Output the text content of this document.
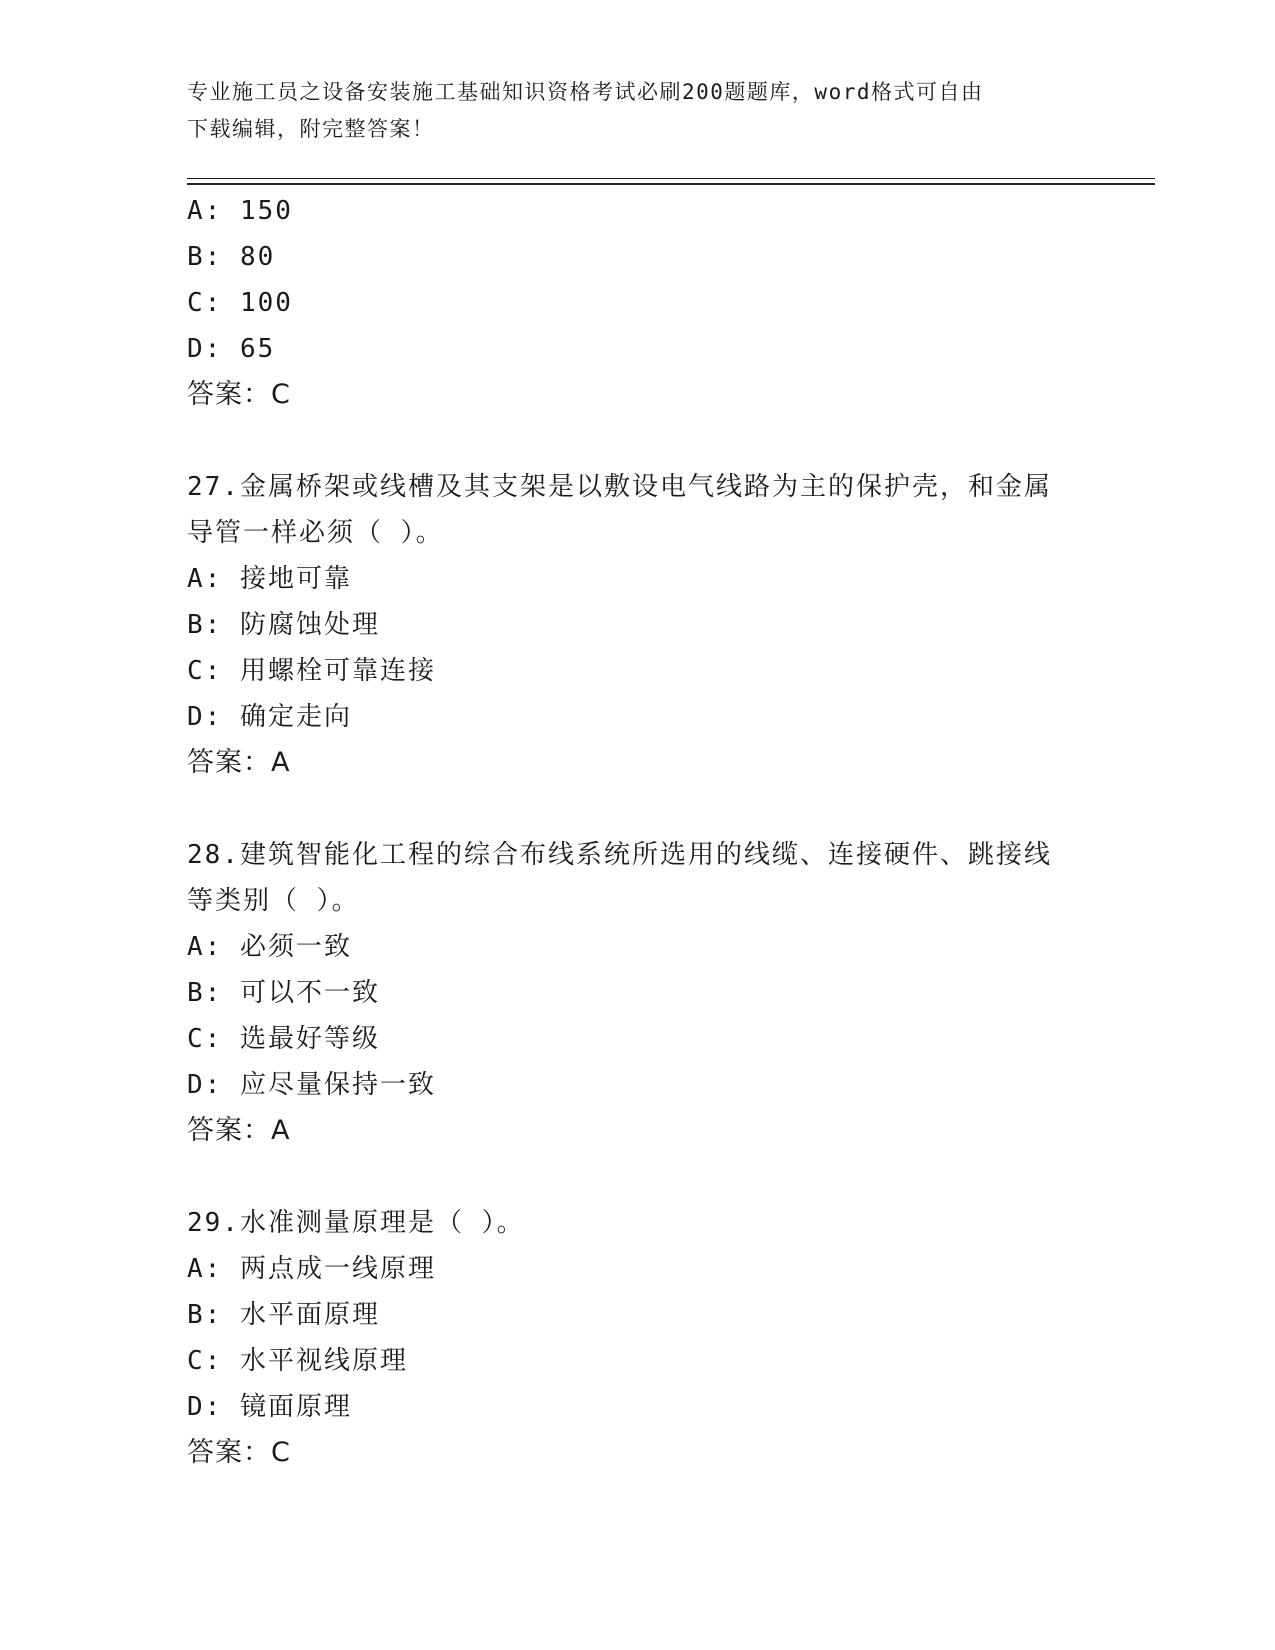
专业施工员之设备安装施工基础知识资格考试必刷200题题库，word格式可自由
下载编辑，附完整答案！
A: 150
B: 80
C: 100
D: 65
答案：C
27.金属桥架或线槽及其支架是以敷设电气线路为主的保护壳，和金属
导管一样必须（ ）。
A: 接地可靠
B: 防腐蚀处理
C: 用螺栓可靠连接
D: 确定走向
答案：A
28.建筑智能化工程的综合布线系统所选用的线缆、连接硬件、跳接线
等类别（ ）。
A: 必须一致
B: 可以不一致
C: 选最好等级
D: 应尽量保持一致
答案：A
29.水准测量原理是（ ）。
A: 两点成一线原理
B: 水平面原理
C: 水平视线原理
D: 镜面原理
答案：C
